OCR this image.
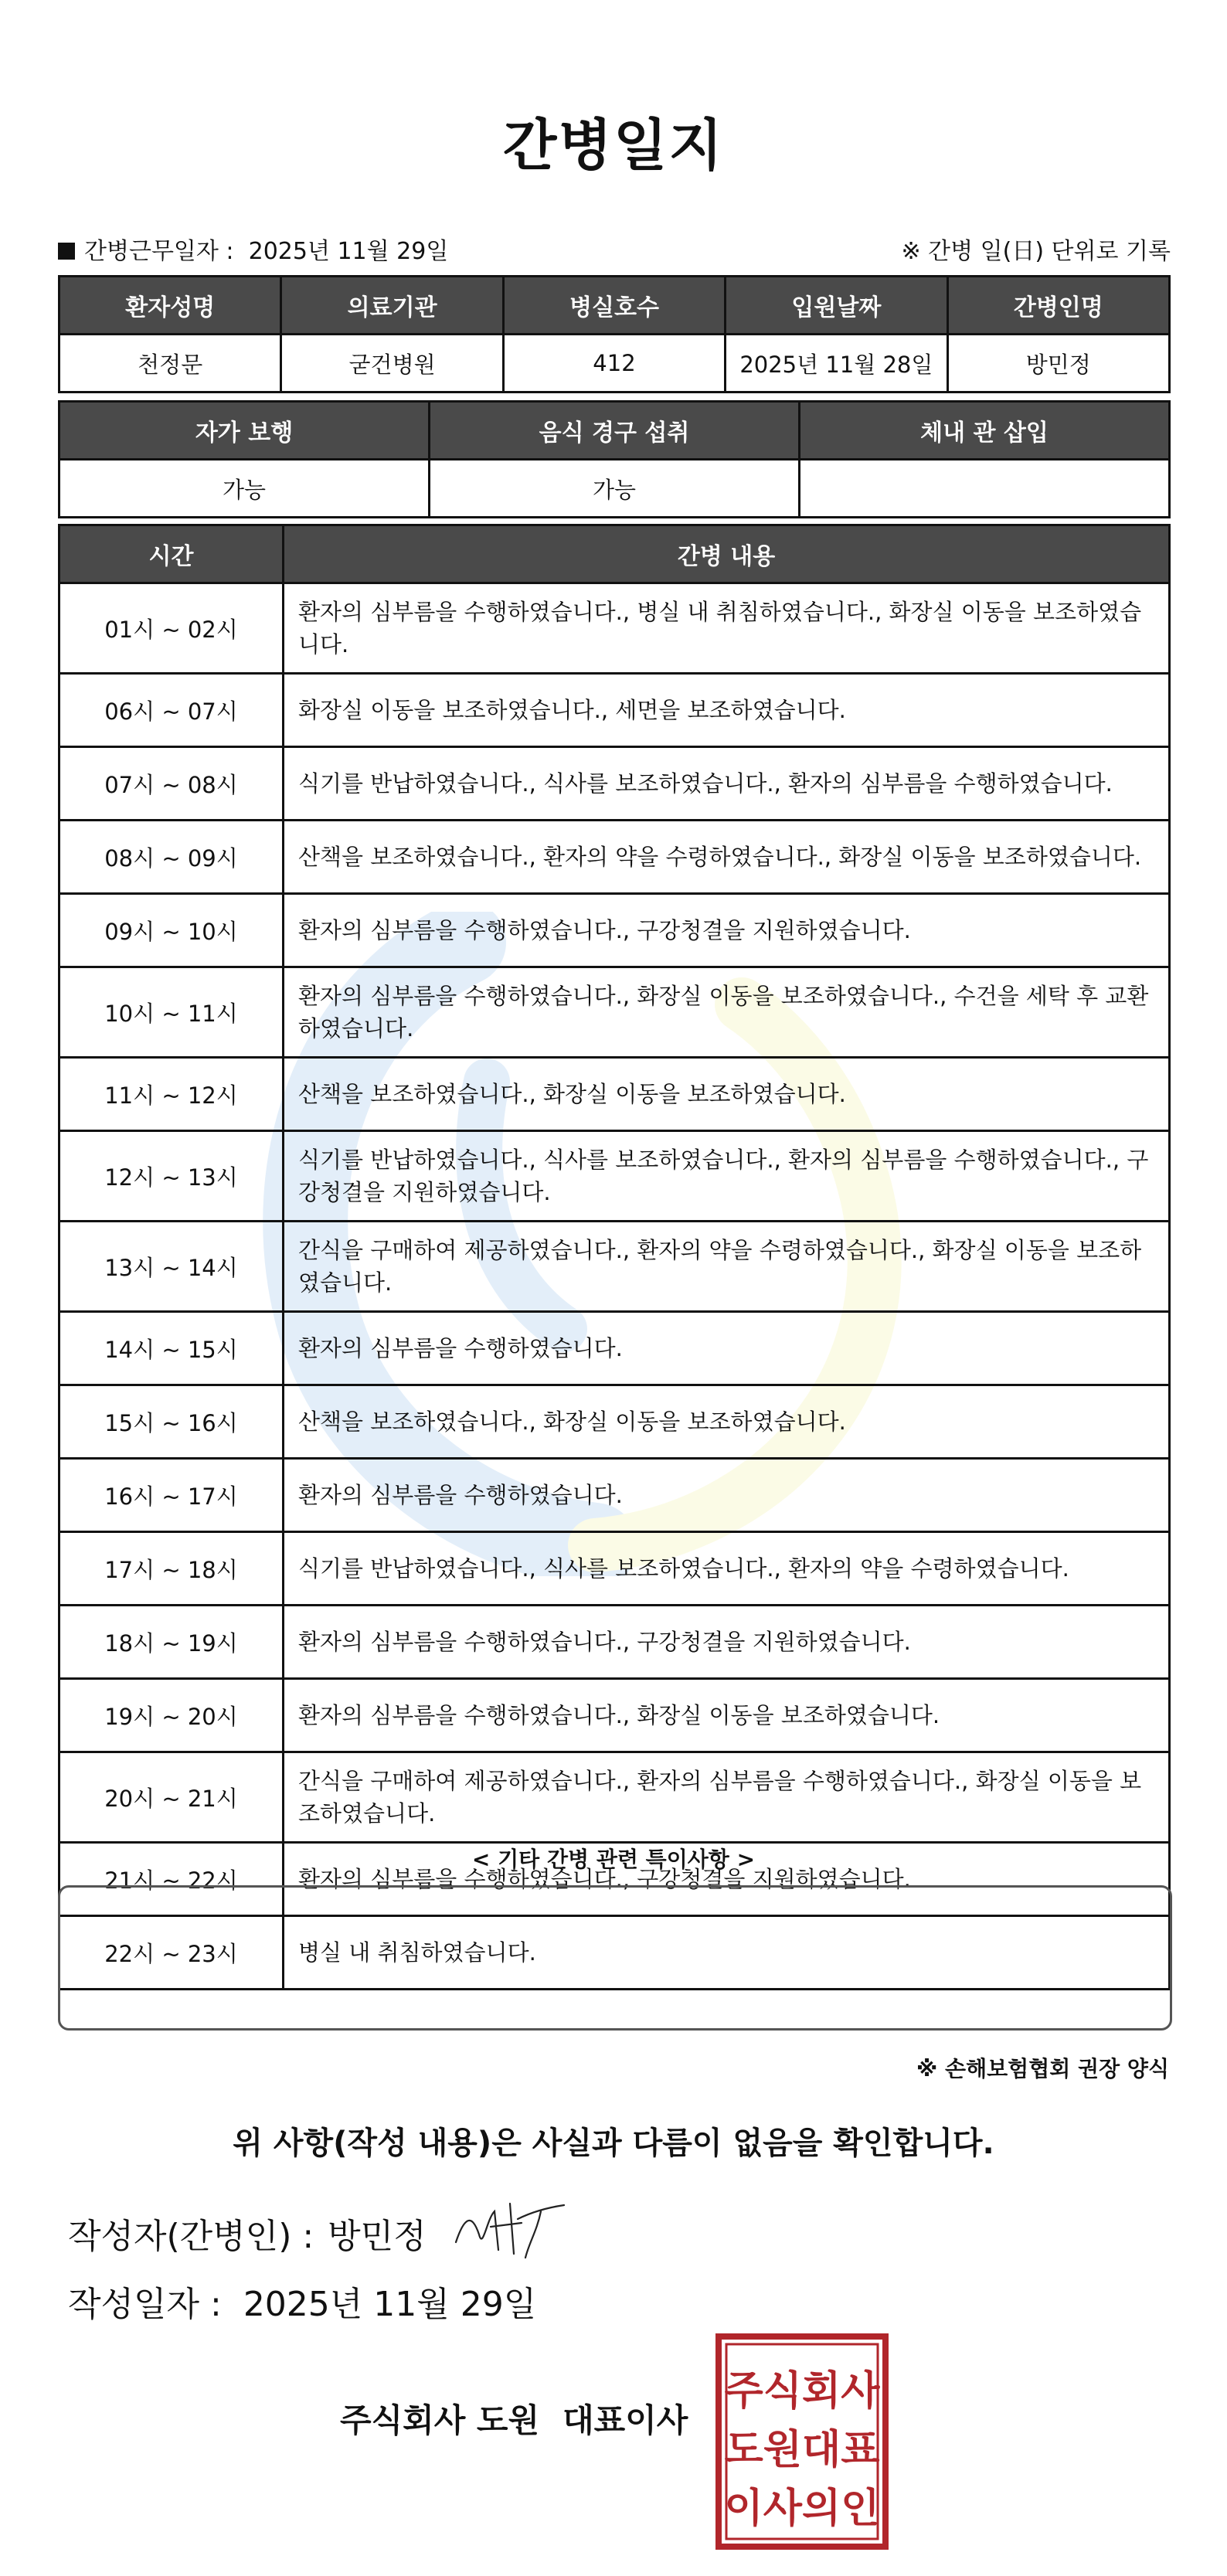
간병일지
간병근무일자 : 2025년 11월 29일	※ 간병 일(日) 단위로 기록
환자성명	의료기관	병실호수	입원날짜	간병인명
천정문	굳건병원	412	2025년 11월 28일	방민정
자가 보행	음식 경구 섭취	체내 관 삽입
가능	가능	
시간	간병 내용
01시 ~ 02시	환자의 심부름을 수행하였습니다., 병실 내 취침하였습니다., 화장실 이동을 보조하였습니다.
06시 ~ 07시	화장실 이동을 보조하였습니다., 세면을 보조하였습니다.
07시 ~ 08시	식기를 반납하였습니다., 식사를 보조하였습니다., 환자의 심부름을 수행하였습니다.
08시 ~ 09시	산책을 보조하였습니다., 환자의 약을 수령하였습니다., 화장실 이동을 보조하였습니다.
09시 ~ 10시	환자의 심부름을 수행하였습니다., 구강청결을 지원하였습니다.
10시 ~ 11시	환자의 심부름을 수행하였습니다., 화장실 이동을 보조하였습니다., 수건을 세탁 후 교환하였습니다.
11시 ~ 12시	산책을 보조하였습니다., 화장실 이동을 보조하였습니다.
12시 ~ 13시	식기를 반납하였습니다., 식사를 보조하였습니다., 환자의 심부름을 수행하였습니다., 구강청결을 지원하였습니다.
13시 ~ 14시	간식을 구매하여 제공하였습니다., 환자의 약을 수령하였습니다., 화장실 이동을 보조하였습니다.
14시 ~ 15시	환자의 심부름을 수행하였습니다.
15시 ~ 16시	산책을 보조하였습니다., 화장실 이동을 보조하였습니다.
16시 ~ 17시	환자의 심부름을 수행하였습니다.
17시 ~ 18시	식기를 반납하였습니다., 식사를 보조하였습니다., 환자의 약을 수령하였습니다.
18시 ~ 19시	환자의 심부름을 수행하였습니다., 구강청결을 지원하였습니다.
19시 ~ 20시	환자의 심부름을 수행하였습니다., 화장실 이동을 보조하였습니다.
20시 ~ 21시	간식을 구매하여 제공하였습니다., 환자의 심부름을 수행하였습니다., 화장실 이동을 보조하였습니다.
21시 ~ 22시	환자의 심부름을 수행하였습니다., 구강청결을 지원하였습니다.
22시 ~ 23시	병실 내 취침하였습니다.
< 기타 간병 관련 특이사항 >
※ 손해보험협회 권장 양식
위 사항(작성 내용)은 사실과 다름이 없음을 확인합니다.
작성자(간병인) : 방민정
작성일자 : 2025년 11월 29일
주식회사 도원 대표이사
주식회사
도원대표
이사의인
